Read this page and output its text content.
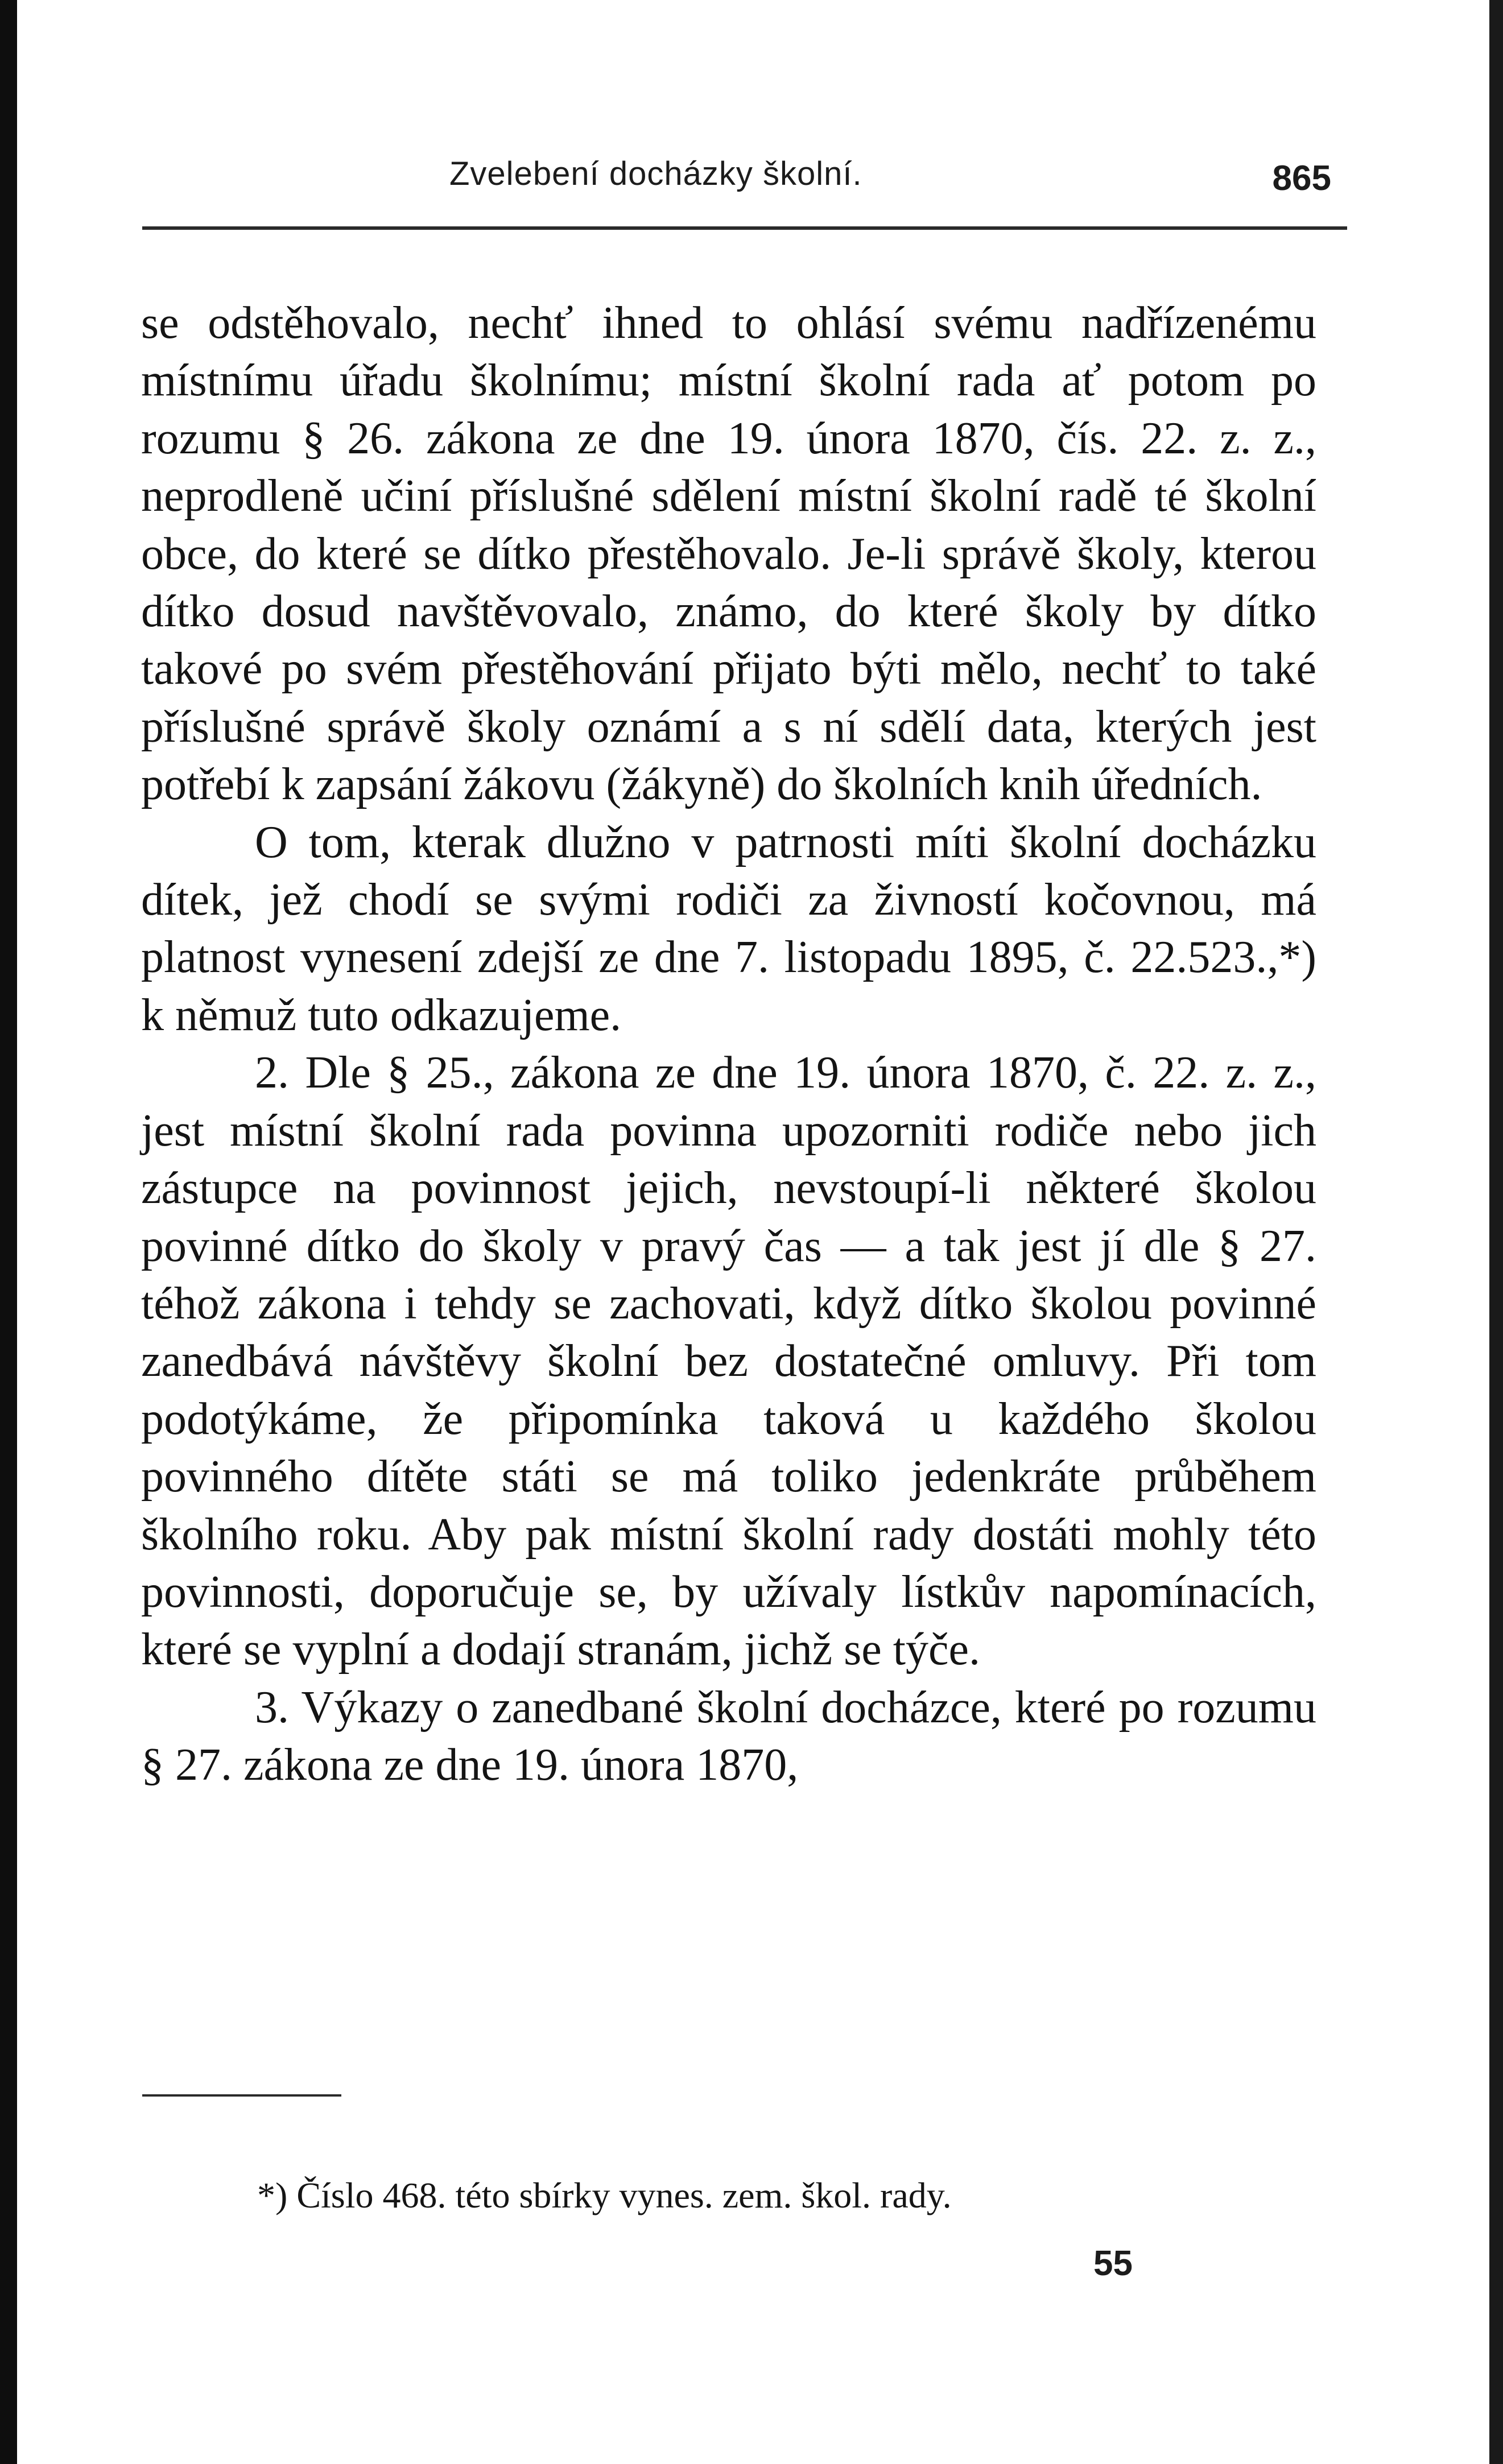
Zvelebení docházky školní.	865

se odstěhovalo, nechť ihned to ohlásí svému nadřízenému místnímu úřadu školnímu; místní školní rada ať potom po rozumu § 26. zákona ze dne 19. února 1870, čís. 22. z. z., neprodleně učiní příslušné sdělení místní školní radě té školní obce, do které se dítko přestěhovalo. Je-li správě školy, kterou dítko dosud navštěvovalo, známo, do které školy by dítko takové po svém přestěhování přijato býti mělo, nechť to také příslušné správě školy oznámí a s ní sdělí data, kterých jest potřebí k zapsání žákovu (žákyně) do školních knih úředních.

O tom, kterak dlužno v patrnosti míti školní docházku dítek, jež chodí se svými rodiči za živností kočovnou, má platnost vynesení zdejší ze dne 7. listopadu 1895, č. 22.523.,*) k němuž tuto odkazujeme.

2. Dle § 25., zákona ze dne 19. února 1870, č. 22. z. z., jest místní školní rada povinna upozorniti rodiče nebo jich zástupce na povinnost jejich, nevstoupí-li některé školou povinné dítko do školy v pravý čas — a tak jest jí dle § 27. téhož zákona i tehdy se zachovati, když dítko školou povinné zanedbává návštěvy školní bez dostatečné omluvy. Při tom podotýkáme, že připomínka taková u každého školou povinného dítěte státi se má toliko jedenkráte průběhem školního roku. Aby pak místní školní rady dostáti mohly této povinnosti, doporučuje se, by užívaly lístkův napomínacích, které se vyplní a dodají stranám, jichž se týče.

3. Výkazy o zanedbané školní docházce, které po rozumu § 27. zákona ze dne 19. února 1870,

*) Číslo 468. této sbírky vynes. zem. škol. rady.
55
